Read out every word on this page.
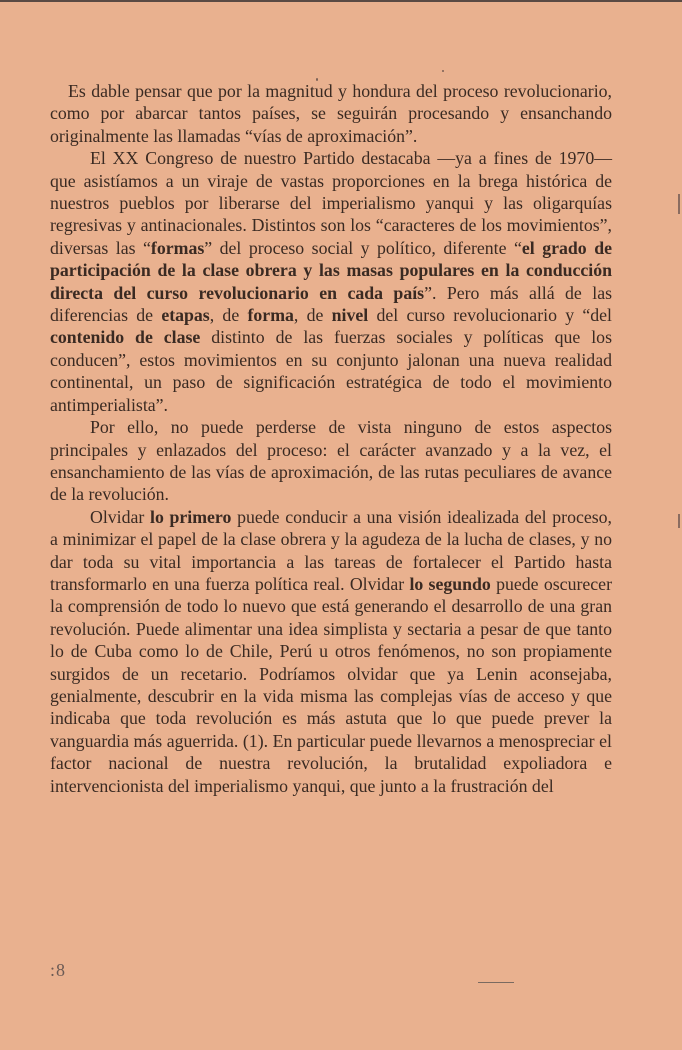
Es dable pensar que por la magnitud y hondura del proceso revolucionario, como por abarcar tantos países, se seguirán procesando y ensanchando originalmente las llamadas “vías de aproximación”.

El XX Congreso de nuestro Partido destacaba —ya a fines de 1970— que asistíamos a un viraje de vastas proporciones en la brega histórica de nuestros pueblos por liberarse del imperialismo yanqui y las oligarquías regresivas y antinacionales. Distintos son los “caracteres de los movimientos”, diversas las “formas” del proceso social y político, diferente “el grado de participación de la clase obrera y las masas populares en la conducción directa del curso revolucionario en cada país”. Pero más allá de las diferencias de etapas, de forma, de nivel del curso revolucionario y “del contenido de clase distinto de las fuerzas sociales y políticas que los conducen”, estos movimientos en su conjunto jalonan una nueva realidad continental, un paso de significación estratégica de todo el movimiento antimperialista”.

Por ello, no puede perderse de vista ninguno de estos aspectos principales y enlazados del proceso: el carácter avanzado y a la vez, el ensanchamiento de las vías de aproximación, de las rutas peculiares de avance de la revolución.

Olvidar lo primero puede conducir a una visión idealizada del proceso, a minimizar el papel de la clase obrera y la agudeza de la lucha de clases, y no dar toda su vital importancia a las tareas de fortalecer el Partido hasta transformarlo en una fuerza política real. Olvidar lo segundo puede oscurecer la comprensión de todo lo nuevo que está generando el desarrollo de una gran revolución. Puede alimentar una idea simplista y sectaria a pesar de que tanto lo de Cuba como lo de Chile, Perú u otros fenómenos, no son propiamente surgidos de un recetario. Podríamos olvidar que ya Lenin aconsejaba, genialmente, descubrir en la vida misma las complejas vías de acceso y que indicaba que toda revolución es más astuta que lo que puede prever la vanguardia más aguerrida. (1). En particular puede llevarnos a menospreciar el factor nacional de nuestra revolución, la brutalidad expoliadora e intervencionista del imperialismo yanqui, que junto a la frustración del

:8
